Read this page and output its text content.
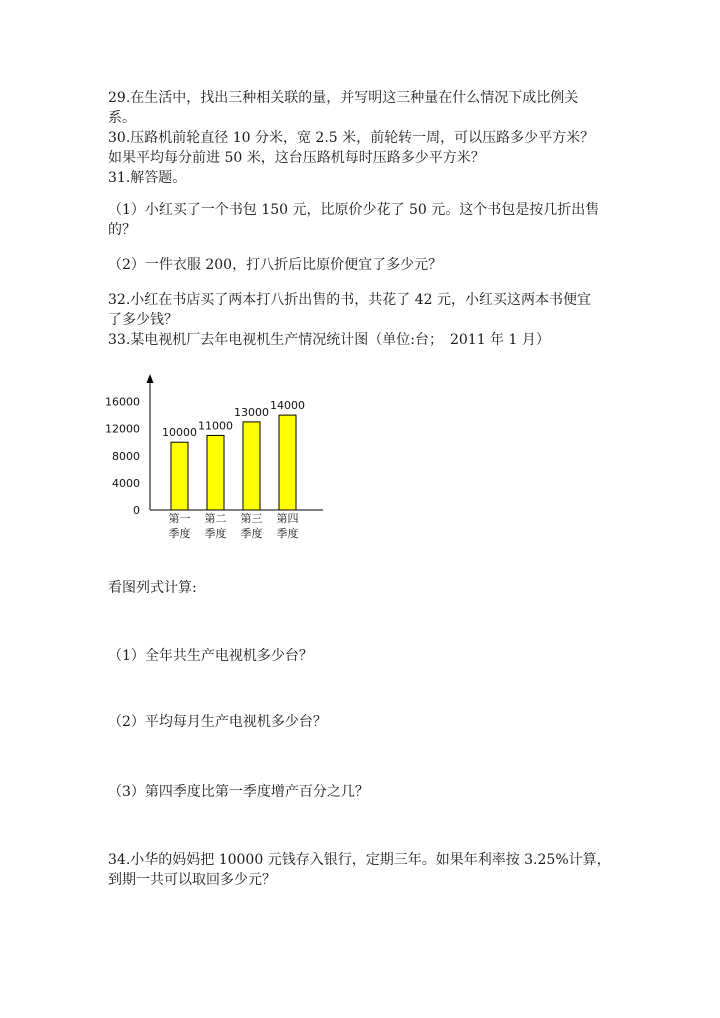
29.在生活中，找出三种相关联的量，并写明这三种量在什么情况下成比例关
系。
30.压路机前轮直径 10 分米，宽 2.5 米，前轮转一周，可以压路多少平方米？
如果平均每分前进 50 米，这台压路机每时压路多少平方米？
31.解答题。
（1）小红买了一个书包 150 元，比原价少花了 50 元。这个书包是按几折出售
的？
（2）一件衣服 200，打八折后比原价便宜了多少元？
32.小红在书店买了两本打八折出售的书，共花了 42 元，小红买这两本书便宜
了多少钱？
33.某电视机厂去年电视机生产情况统计图（单位:台；　2011 年 1 月）
0
4000
8000
12000
16000
10000
第一
季度
11000
第二
季度
13000
第三
季度
14000
第四
季度
看图列式计算:
（1）全年共生产电视机多少台？
（2）平均每月生产电视机多少台？
（3）第四季度比第一季度增产百分之几？
34.小华的妈妈把 10000 元钱存入银行，定期三年。如果年利率按 3.25%计算，
到期一共可以取回多少元？
